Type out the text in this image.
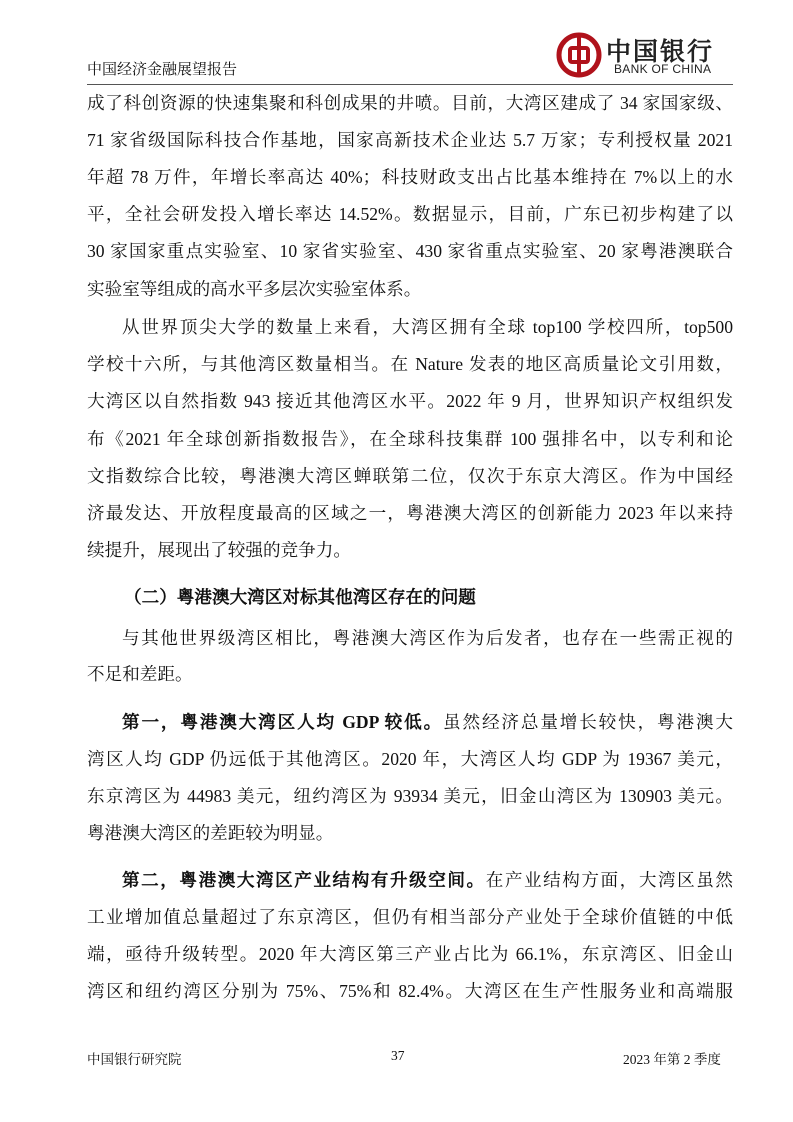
中国经济金融展望报告
中国银行
BANK OF CHINA
（二）粤港澳大湾区对标其他湾区存在的问题
成了科创资源的快速集聚和科创成果的井喷。目前，大湾区建成了 34 家国家级、
71 家省级国际科技合作基地，国家高新技术企业达 5.7 万家；专利授权量 2021
年超 78 万件，年增长率高达 40%；科技财政支出占比基本维持在 7%以上的水
平，全社会研发投入增长率达 14.52%。数据显示，目前，广东已初步构建了以
30 家国家重点实验室、10 家省实验室、430 家省重点实验室、20 家粤港澳联合
实验室等组成的高水平多层次实验室体系。
从世界顶尖大学的数量上来看，大湾区拥有全球 top100 学校四所，top500
学校十六所，与其他湾区数量相当。在 Nature 发表的地区高质量论文引用数，
大湾区以自然指数 943 接近其他湾区水平。2022 年 9 月，世界知识产权组织发
布《2021 年全球创新指数报告》，在全球科技集群 100 强排名中，以专利和论
文指数综合比较，粤港澳大湾区蝉联第二位，仅次于东京大湾区。作为中国经
济最发达、开放程度最高的区域之一，粤港澳大湾区的创新能力 2023 年以来持
续提升，展现出了较强的竞争力。
与其他世界级湾区相比，粤港澳大湾区作为后发者，也存在一些需正视的
不足和差距。
第一，粤港澳大湾区人均 GDP 较低。虽然经济总量增长较快，粤港澳大
湾区人均 GDP 仍远低于其他湾区。2020 年，大湾区人均 GDP 为 19367 美元，
东京湾区为 44983 美元，纽约湾区为 93934 美元，旧金山湾区为 130903 美元。
粤港澳大湾区的差距较为明显。
第二，粤港澳大湾区产业结构有升级空间。在产业结构方面，大湾区虽然
工业增加值总量超过了东京湾区，但仍有相当部分产业处于全球价值链的中低
端，亟待升级转型。2020 年大湾区第三产业占比为 66.1%，东京湾区、旧金山
湾区和纽约湾区分别为 75%、75%和 82.4%。大湾区在生产性服务业和高端服
中国银行研究院	37	2023 年第 2 季度
